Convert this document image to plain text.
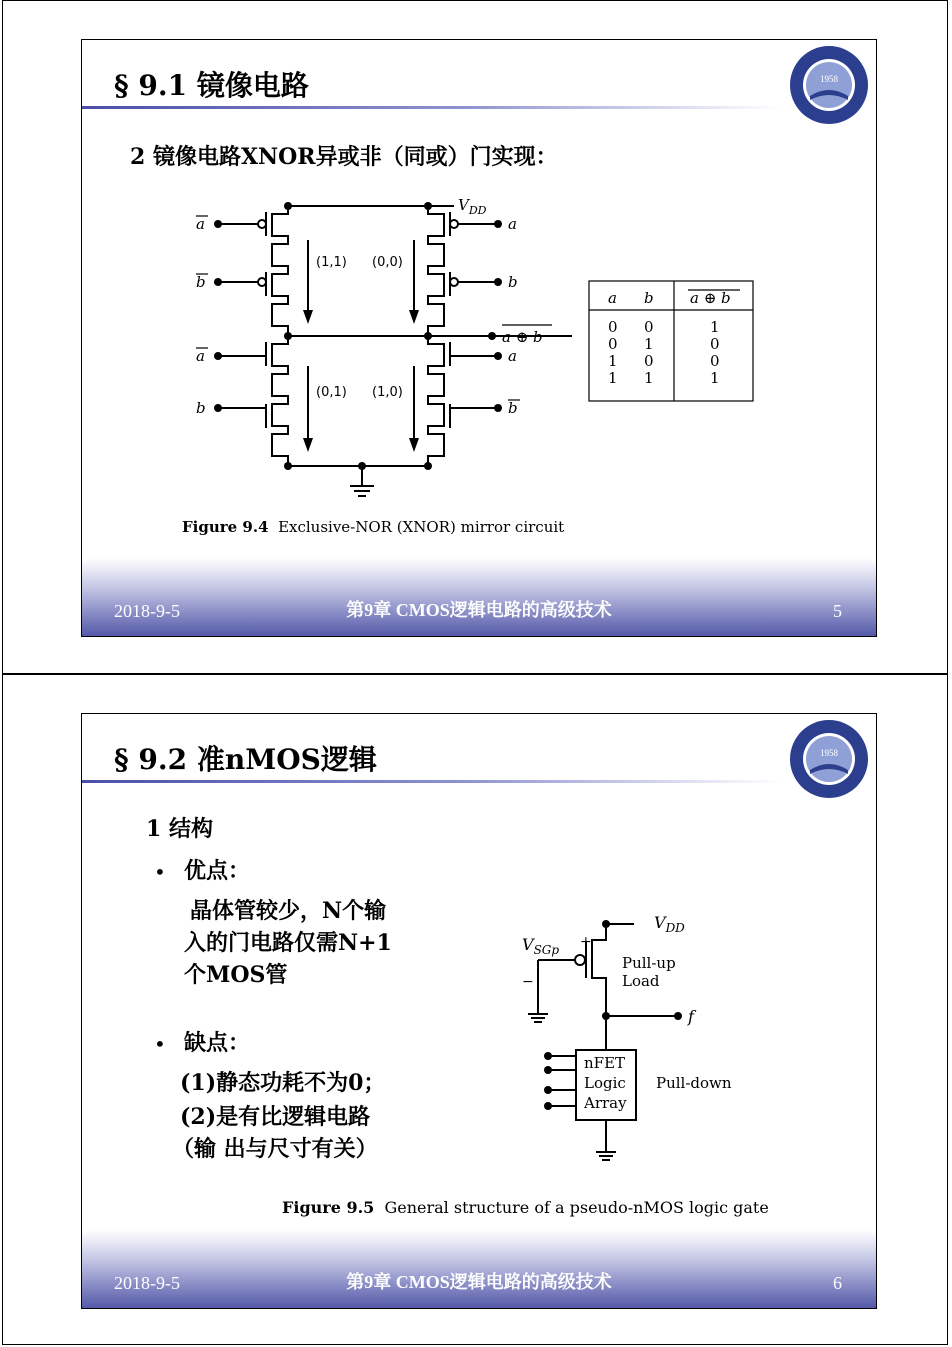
§ 9.1 镜像电路	1958
2 镜像电路XNOR异或非（同或）门实现：
$V_{DD}$
a
b
a
b
a
b
a
b
a ⊕ b
(1,1) (0,0)
(0,1) (1,0)
a b a ⊕ b
0 0	1
0 1	0
1 0	0
1 1	1
Figure 9.4 Exclusive-NOR (XNOR) mirror circuit
2018-9-5	第9章 CMOS逻辑电路的高级技术	5
§ 9.2 准nMOS逻辑	1958
1 结构
• 优点：
晶体管较少，N个输
入的门电路仅需N+1
个MOS管
• 缺点：
(1)静态功耗不为0；
(2)是有比逻辑电路
（输 出与尺寸有关）
$V_{DD}$
$V_{SGp}$ +
−
Pull-up
Load
f
nFET
Logic
Array
Pull-down
Figure 9.5 General structure of a pseudo-nMOS logic gate
2018-9-5	第9章 CMOS逻辑电路的高级技术	6
